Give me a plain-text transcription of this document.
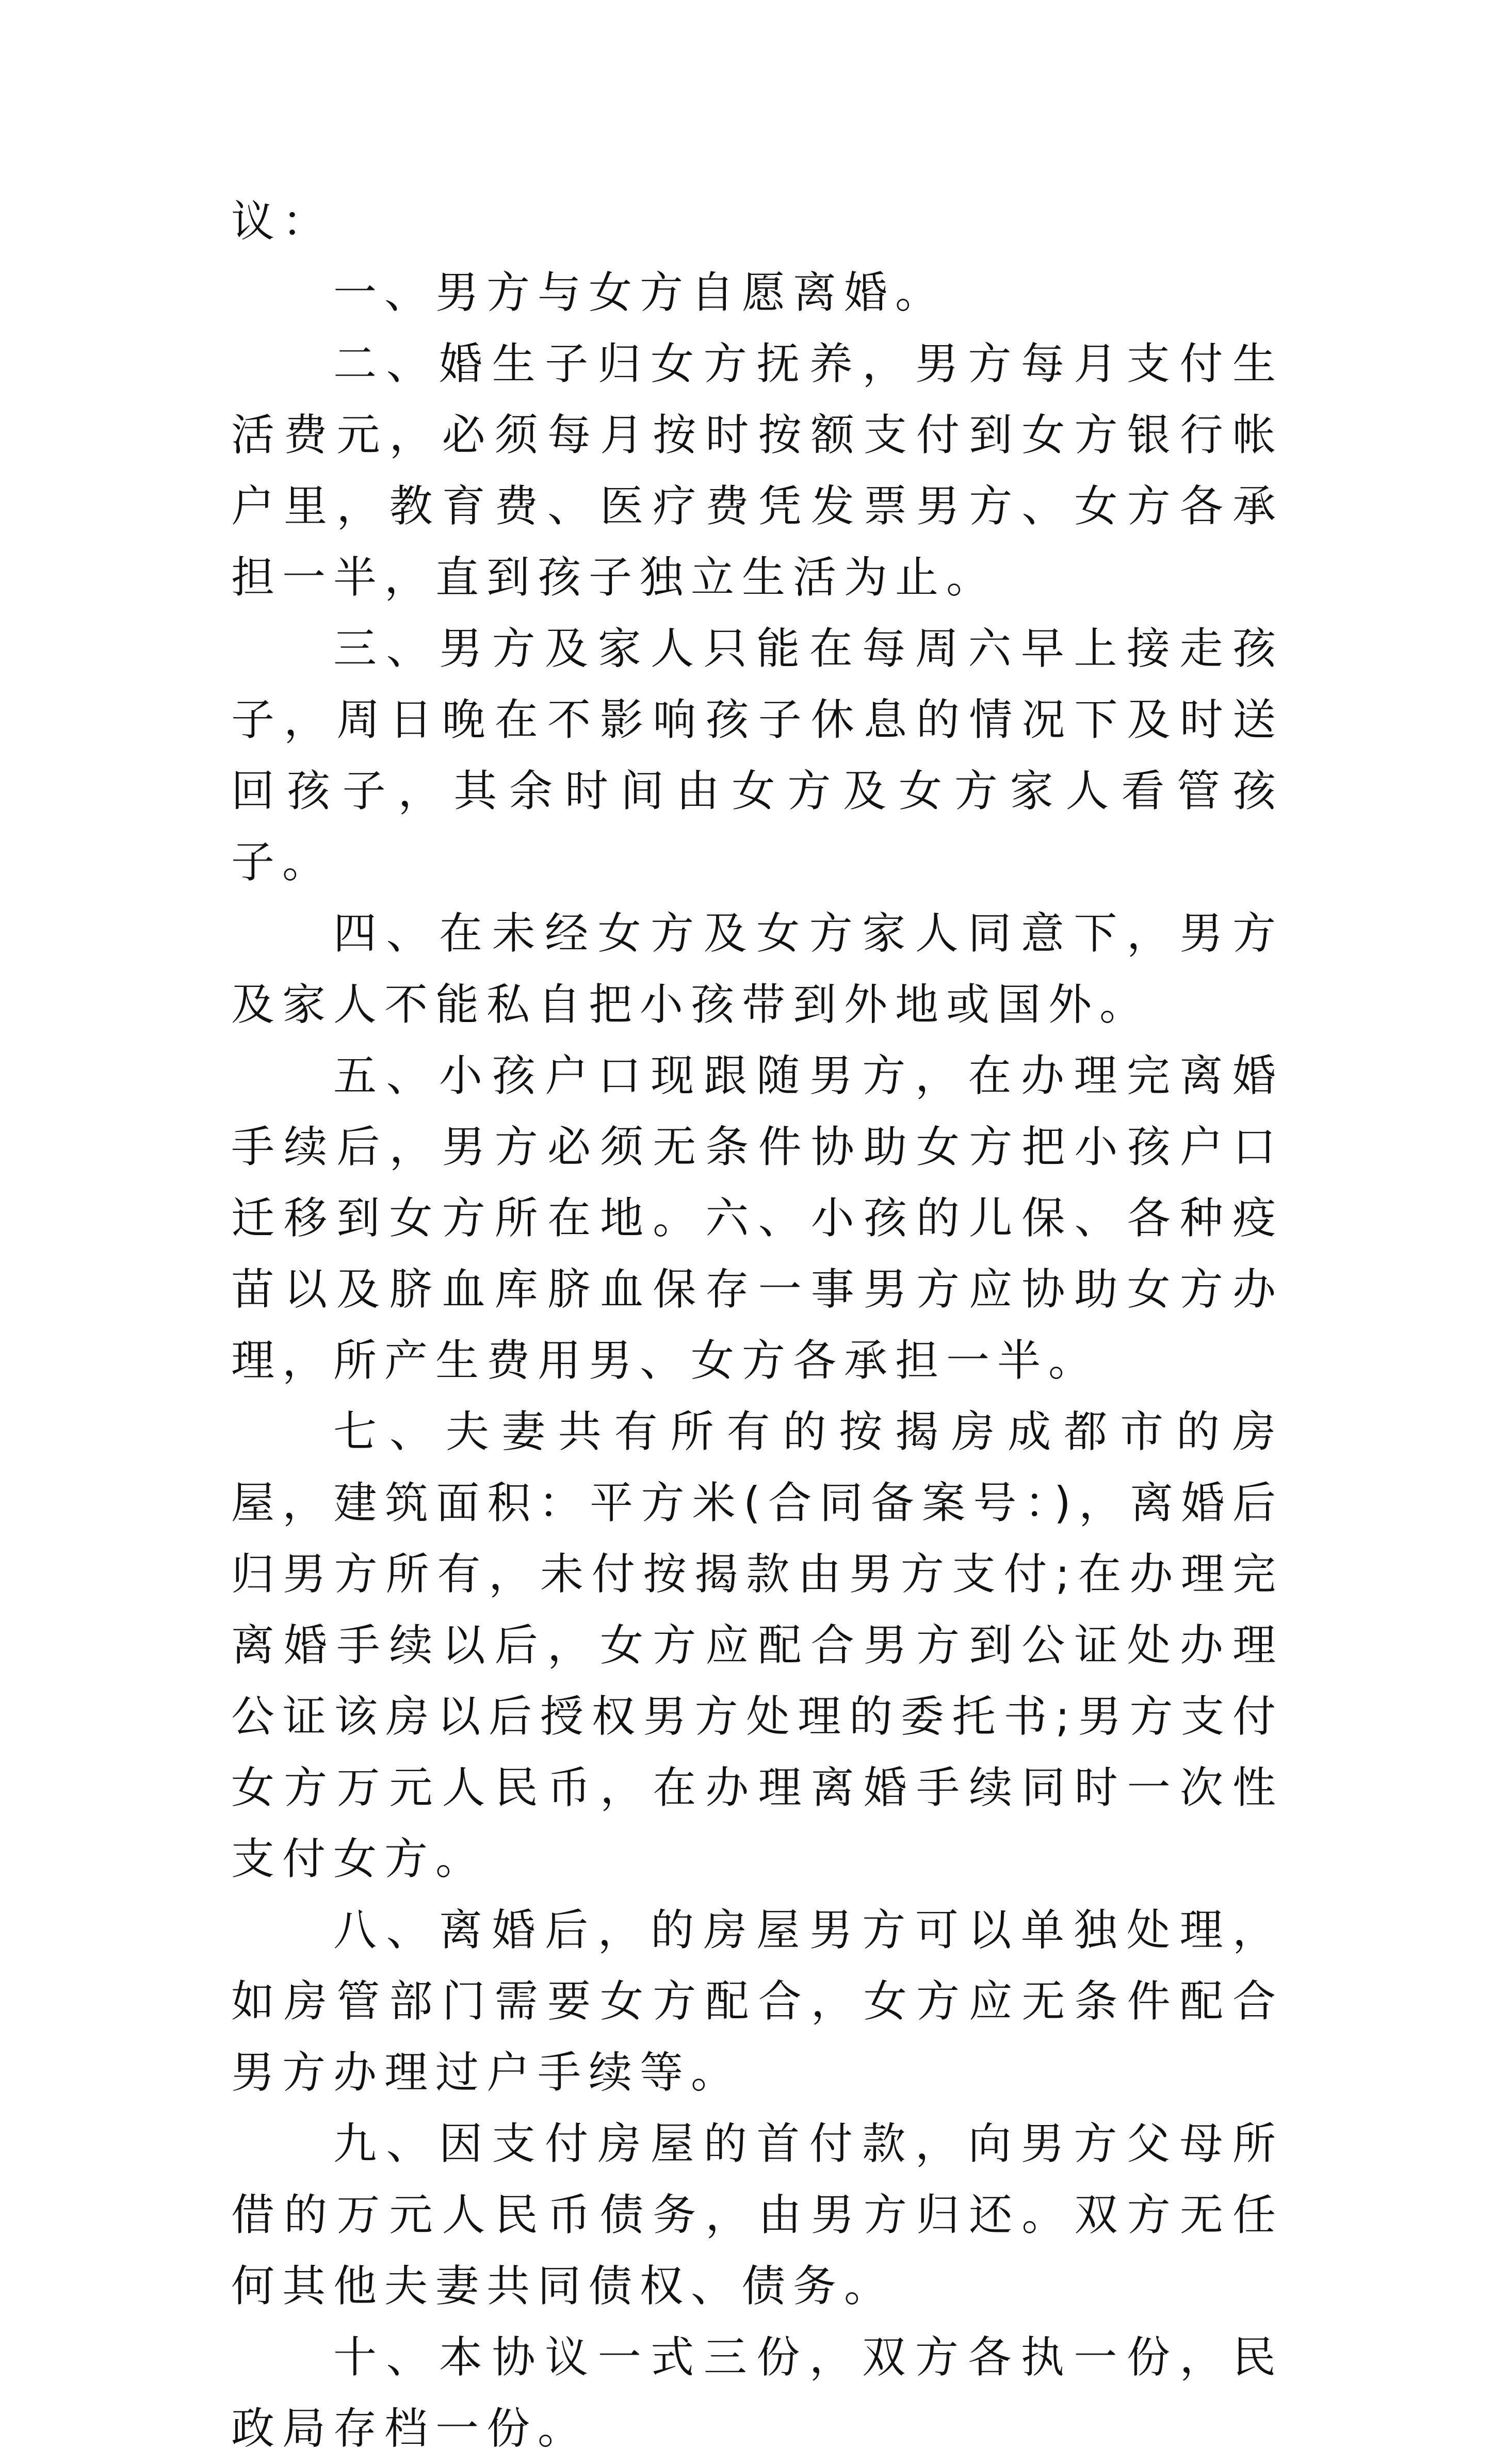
议：

一、男方与女方自愿离婚。

二、婚生子归女方抚养，男方每月支付生活费元，必须每月按时按额支付到女方银行帐户里，教育费、医疗费凭发票男方、女方各承担一半，直到孩子独立生活为止。

三、男方及家人只能在每周六早上接走孩子，周日晚在不影响孩子休息的情况下及时送回孩子，其余时间由女方及女方家人看管孩子。

四、在未经女方及女方家人同意下，男方及家人不能私自把小孩带到外地或国外。

五、小孩户口现跟随男方，在办理完离婚手续后，男方必须无条件协助女方把小孩户口迁移到女方所在地。六、小孩的儿保、各种疫苗以及脐血库脐血保存一事男方应协助女方办理，所产生费用男、女方各承担一半。

七、夫妻共有所有的按揭房成都市的房屋，建筑面积：平方米(合同备案号：)，离婚后归男方所有，未付按揭款由男方支付;在办理完离婚手续以后，女方应配合男方到公证处办理公证该房以后授权男方处理的委托书;男方支付女方万元人民币，在办理离婚手续同时一次性支付女方。

八、离婚后，的房屋男方可以单独处理，如房管部门需要女方配合，女方应无条件配合男方办理过户手续等。

九、因支付房屋的首付款，向男方父母所借的万元人民币债务，由男方归还。双方无任何其他夫妻共同债权、债务。

十、本协议一式三份，双方各执一份，民政局存档一份。
